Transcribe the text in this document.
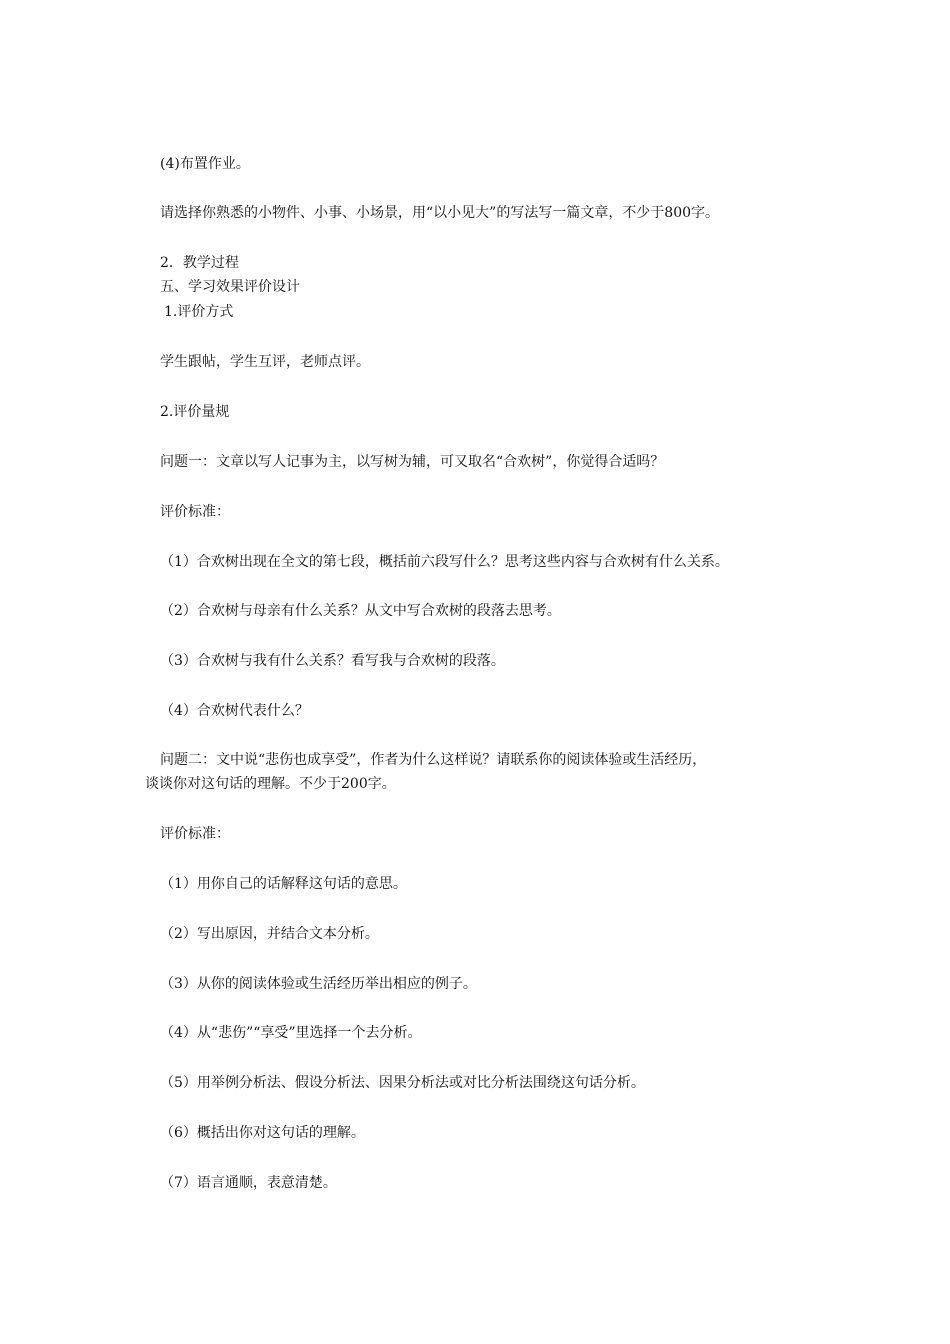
(4)布置作业。
请选择你熟悉的小物件、小事、小场景，用“以小见大”的写法写一篇文章，不少于800字。
2．教学过程
五、学习效果评价设计
1.评价方式
学生跟帖，学生互评，老师点评。
2.评价量规
问题一：文章以写人记事为主，以写树为辅，可又取名“合欢树”，你觉得合适吗？
评价标准：
（1）合欢树出现在全文的第七段，概括前六段写什么？思考这些内容与合欢树有什么关系。
（2）合欢树与母亲有什么关系？从文中写合欢树的段落去思考。
（3）合欢树与我有什么关系？看写我与合欢树的段落。
（4）合欢树代表什么？
问题二：文中说“悲伤也成享受”，作者为什么这样说？请联系你的阅读体验或生活经历，
谈谈你对这句话的理解。不少于200字。
评价标准：
（1）用你自己的话解释这句话的意思。
（2）写出原因，并结合文本分析。
（3）从你的阅读体验或生活经历举出相应的例子。
（4）从“悲伤”“享受”里选择一个去分析。
（5）用举例分析法、假设分析法、因果分析法或对比分析法围绕这句话分析。
（6）概括出你对这句话的理解。
（7）语言通顺，表意清楚。
